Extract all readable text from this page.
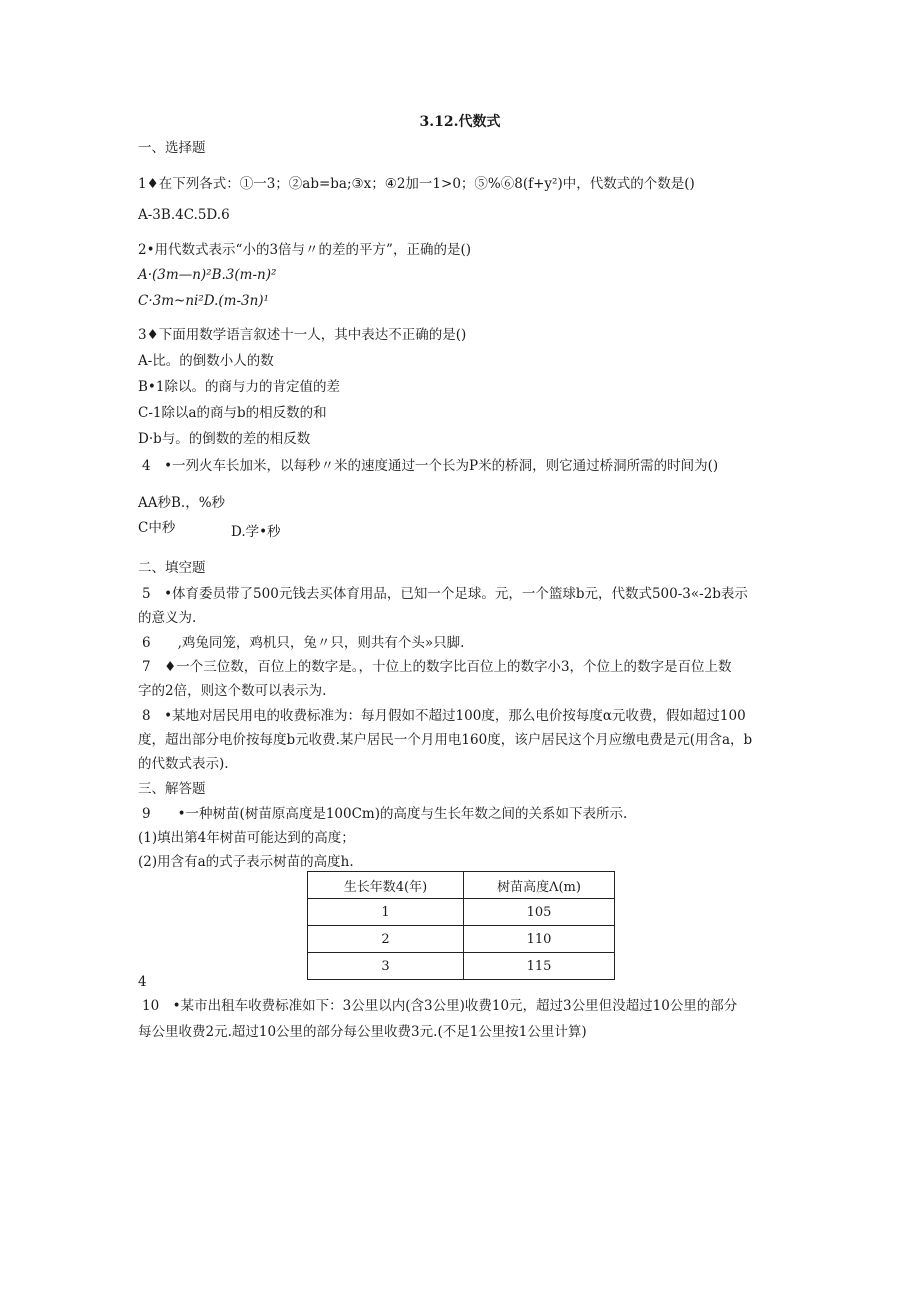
3.12.代数式

一、选择题

1♦在下列各式：①一3；②ab=ba;③x；④2加一1>0；⑤%⑥8(f+y²)中，代数式的个数是()

A-3B.4C.5D.6

2•用代数式表示“小的3倍与〃的差的平方”，正确的是()

A·(3m—n)²B.3(m-n)²

C·3m~ni²D.(m-3n)¹

3♦下面用数学语言叙述十一人，其中表达不正确的是()

A-比。的倒数小人的数

B•1除以。的商与力的肯定值的差

C-1除以a的商与b的相反数的和

D·b与。的倒数的差的相反数

4　•一列火车长加米，以每秒〃米的速度通过一个长为P米的桥洞，则它通过桥洞所需的时间为()

AA秒B.，%秒

C中秒	D.学•秒

二、填空题

5　•体育委员带了500元钱去买体育用品，已知一个足球。元，一个篮球b元，代数式500-3«-2b表示

的意义为.

6　　,鸡兔同笼，鸡机只，兔〃只，则共有个头»只脚.

7　♦一个三位数，百位上的数字是。，十位上的数字比百位上的数字小3，个位上的数字是百位上数

字的2倍，则这个数可以表示为.

8　•某地对居民用电的收费标准为：每月假如不超过100度，那么电价按每度α元收费，假如超过100

度，超出部分电价按每度b元收费.某户居民一个月用电160度，该户居民这个月应缴电费是元(用含a，b

的代数式表示).

三、解答题

9　　•一种树苗(树苗原高度是100Cm)的高度与生长年数之间的关系如下表所示.

(1)填出第4年树苗可能达到的高度；

(2)用含有a的式子表示树苗的高度h.

生长年数4(年)	树苗高度Λ(m)
1	105
2	110
3	115

4

10　•某市出租车收费标准如下：3公里以内(含3公里)收费10元，超过3公里但没超过10公里的部分

每公里收费2元.超过10公里的部分每公里收费3元.(不足1公里按1公里计算)
